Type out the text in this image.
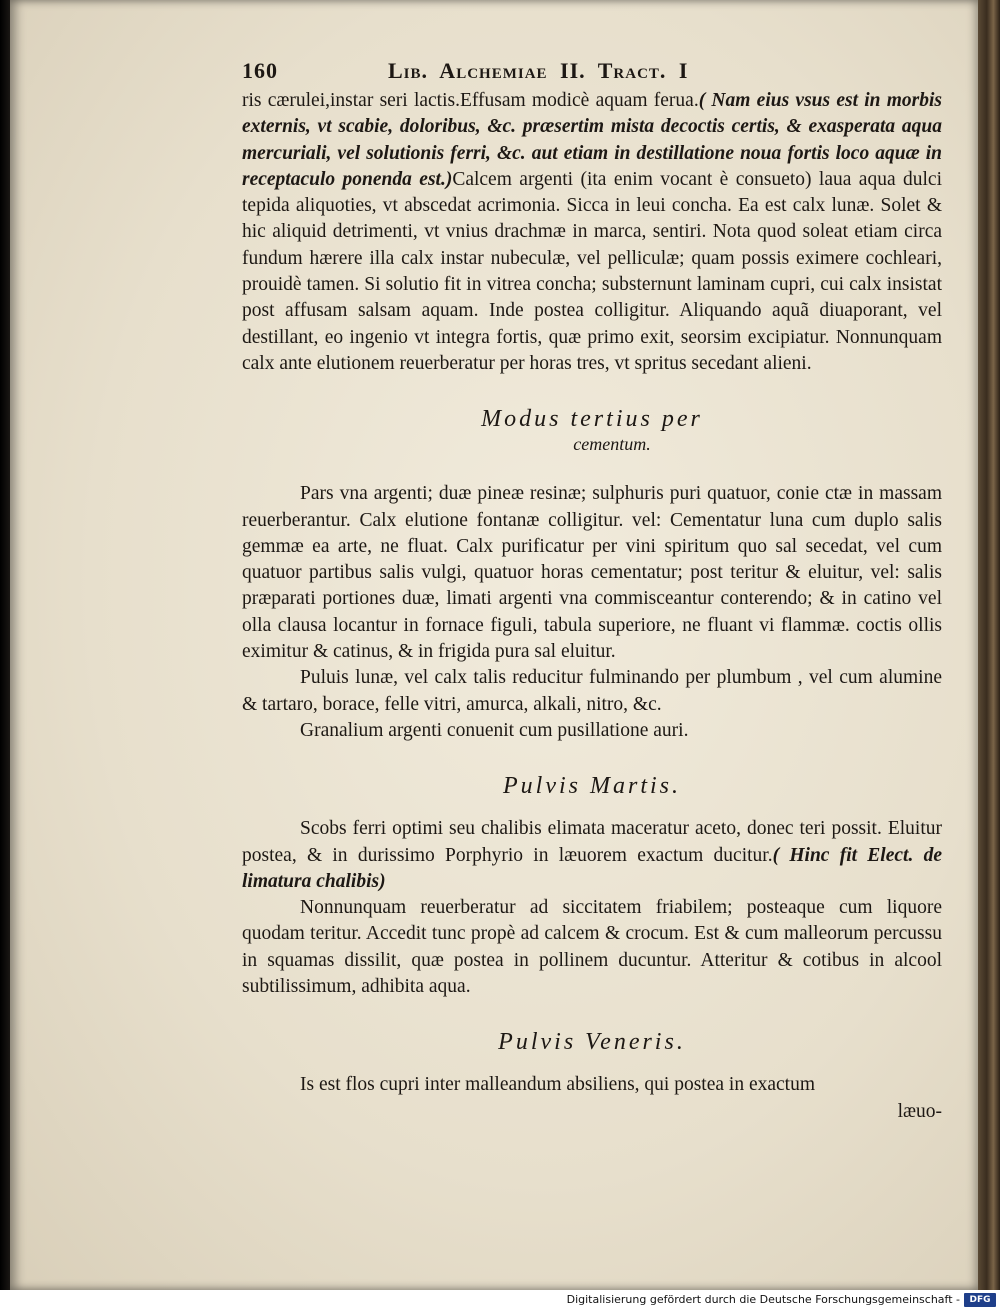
160	Lib. Alchemiae II. Tract. I

ris cærulei,instar seri lactis.Effusam modicè aquam ferua.( Nam eius vsus est in morbis externis, vt scabie, doloribus, &c. præsertim mista decoctis certis, & exasperata aqua mercuriali, vel solutionis ferri, &c. aut etiam in destillatione noua fortis loco aquæ in receptaculo ponenda est.)Calcem argenti (ita enim vocant è consueto) laua aqua dulci tepida aliquoties, vt abscedat acrimonia. Sicca in leui concha. Ea est calx lunæ. Solet & hic aliquid detrimenti, vt vnius drachmæ in marca, sentiri. Nota quod soleat etiam circa fundum hærere illa calx instar nubeculæ, vel pelliculæ; quam possis eximere cochleari, prouidè tamen. Si solutio fit in vitrea concha; substernunt laminam cupri, cui calx insistat post affusam salsam aquam. Inde postea colligitur. Aliquando aquã diuaporant, vel destillant, eo ingenio vt integra fortis, quæ primo exit, seorsim excipiatur. Nonnunquam calx ante elutionem reuerberatur per horas tres, vt spritus secedant alieni.

Modus tertius per

cementum.

Pars vna argenti; duæ pineæ resinæ; sulphuris puri quatuor, conie ctæ in massam reuerberantur. Calx elutione fontanæ colligitur. vel: Cementatur luna cum duplo salis gemmæ ea arte, ne fluat. Calx purificatur per vini spiritum quo sal secedat, vel cum quatuor partibus salis vulgi, quatuor horas cementatur; post teritur & eluitur, vel: salis præparati portiones duæ, limati argenti vna commisceantur conterendo; & in catino vel olla clausa locantur in fornace figuli, tabula superiore, ne fluant vi flammæ. coctis ollis eximitur & catinus, & in frigida pura sal eluitur.

Puluis lunæ, vel calx talis reducitur fulminando per plumbum , vel cum alumine & tartaro, borace, felle vitri, amurca, alkali, nitro, &c.

Granalium argenti conuenit cum pusillatione auri.

Pulvis Martis.

Scobs ferri optimi seu chalibis elimata maceratur aceto, donec teri possit. Eluitur postea, & in durissimo Porphyrio in læuorem exactum ducitur.( Hinc fit Elect. de limatura chalibis)

Nonnunquam reuerberatur ad siccitatem friabilem; posteaque cum liquore quodam teritur. Accedit tunc propè ad calcem & crocum. Est & cum malleorum percussu in squamas dissilit, quæ postea in pollinem ducuntur. Atteritur & cotibus in alcool subtilissimum, adhibita aqua.

Pulvis Veneris.

Is est flos cupri inter malleandum absiliens, qui postea in exactum

læuo-

Digitalisierung gefördert durch die Deutsche Forschungsgemeinschaft -	DFG
